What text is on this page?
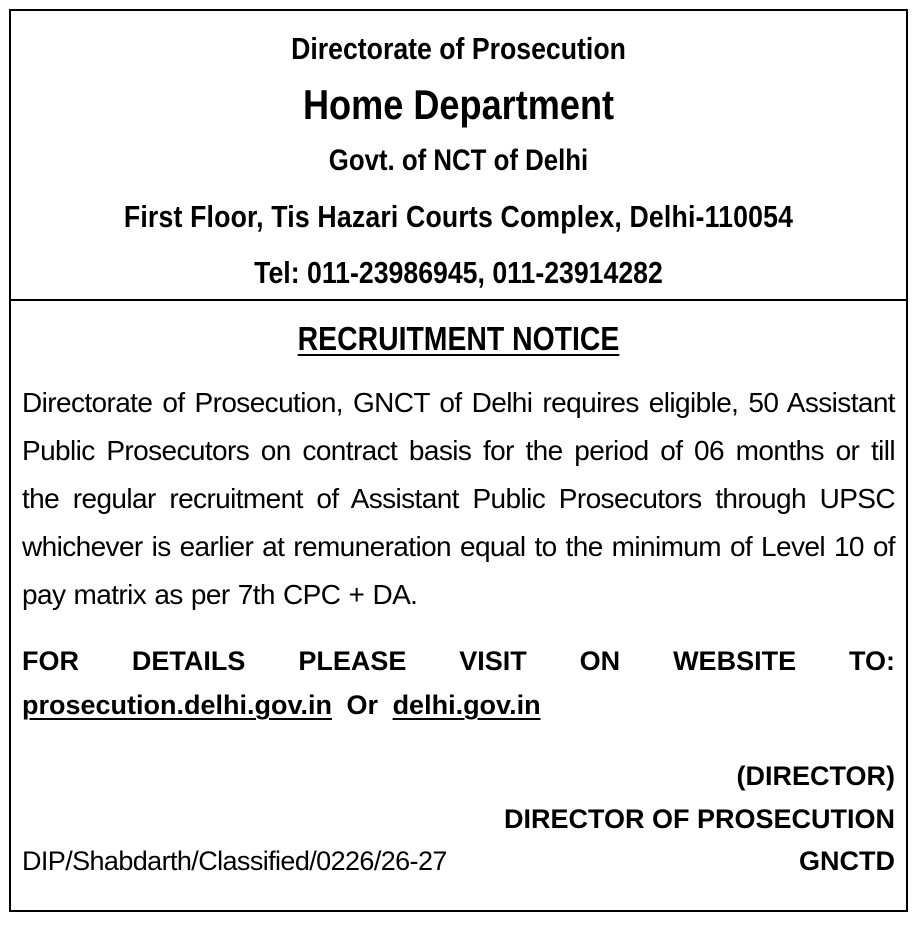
Directorate of Prosecution
Home Department
Govt. of NCT of Delhi
First Floor, Tis Hazari Courts Complex, Delhi-110054
Tel: 011-23986945, 011-23914282
RECRUITMENT NOTICE
Directorate of Prosecution, GNCT of Delhi requires eligible, 50 Assistant Public Prosecutors on contract basis for the period of 06 months or till the regular recruitment of Assistant Public Prosecutors through UPSC whichever is earlier at remuneration equal to the minimum of Level 10 of pay matrix as per 7th CPC + DA.
FOR DETAILS PLEASE VISIT ON WEBSITE TO:
prosecution.delhi.gov.in Or delhi.gov.in
(DIRECTOR)
DIRECTOR OF PROSECUTION
DIP/Shabdarth/Classified/0226/26-27	GNCTD
